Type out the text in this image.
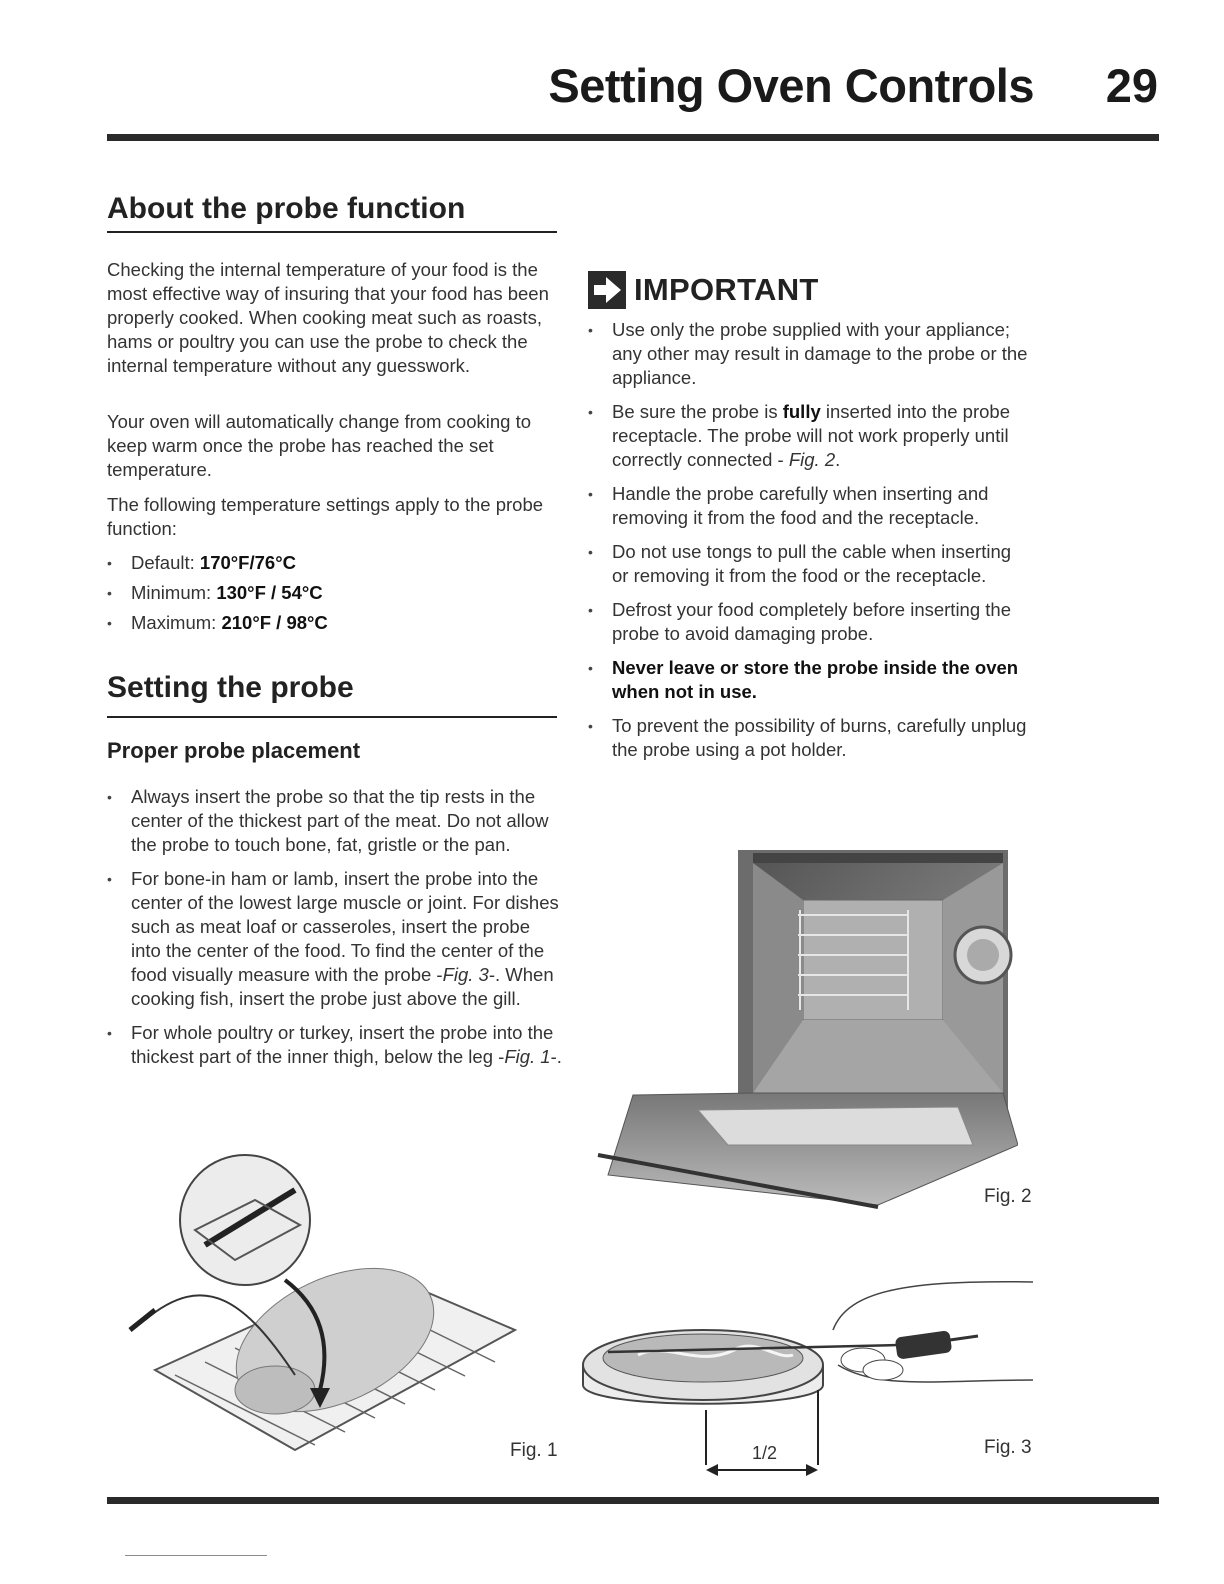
Setting Oven Controls 29
About the probe function

Checking the internal temperature of your food is the most effective way of insuring that your food has been properly cooked. When cooking meat such as roasts, hams or poultry you can use the probe to check the internal temperature without any guesswork.

Your oven will automatically change from cooking to keep warm once the probe has reached the set temperature.

The following temperature settings apply to the probe function:

• Default: 170°F/76°C
• Minimum: 130°F / 54°C
• Maximum: 210°F / 98°C
Setting the probe
Proper probe placement
• Always insert the probe so that the tip rests in the center of the thickest part of the meat. Do not allow the probe to touch bone, fat, gristle or the pan.
• For bone-in ham or lamb, insert the probe into the center of the lowest large muscle or joint. For dishes such as meat loaf or casseroles, insert the probe into the center of the food. To find the center of the food visually measure with the probe -Fig. 3-. When cooking fish, insert the probe just above the gill.
• For whole poultry or turkey, insert the probe into the thickest part of the inner thigh, below the leg -Fig. 1-.
IMPORTANT
• Use only the probe supplied with your appliance; any other may result in damage to the probe or the appliance.
• Be sure the probe is fully inserted into the probe receptacle. The probe will not work properly until correctly connected - Fig. 2.
• Handle the probe carefully when inserting and removing it from the food and the receptacle.
• Do not use tongs to pull the cable when inserting or removing it from the food or the receptacle.
• Defrost your food completely before inserting the probe to avoid damaging probe.
• Never leave or store the probe inside the oven when not in use.
• To prevent the possibility of burns, carefully unplug the probe using a pot holder.
Fig. 2
Fig. 1	1/2	Fig. 3
